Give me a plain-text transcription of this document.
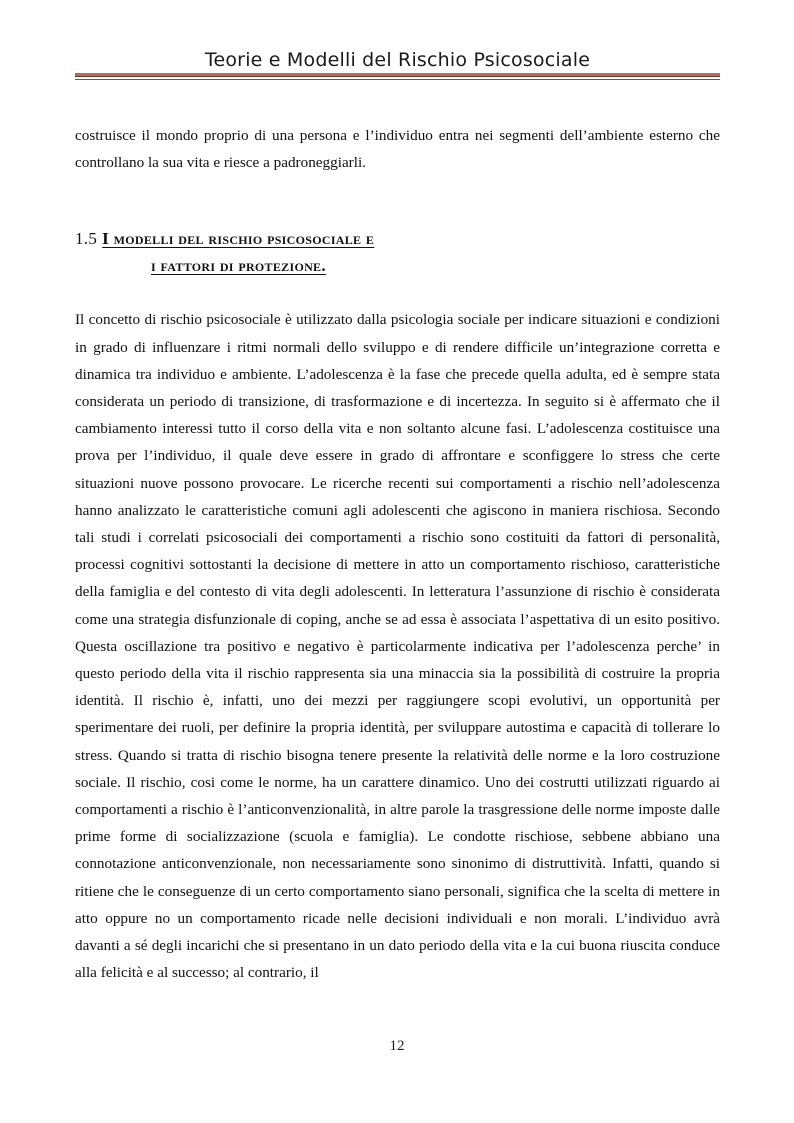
Teorie e Modelli del Rischio Psicosociale

costruisce il mondo proprio di una persona e l’individuo entra nei segmenti dell’ambiente esterno che controllano la sua vita e riesce a padroneggiarli.

1.5 I modelli del rischio psicosociale e
i fattori di protezione.

Il concetto di rischio psicosociale è utilizzato dalla psicologia sociale per indicare situazioni e condizioni in grado di influenzare i ritmi normali dello sviluppo e di rendere difficile un’integrazione corretta e dinamica tra individuo e ambiente. L’adolescenza è la fase che precede quella adulta, ed è sempre stata considerata un periodo di transizione, di trasformazione e di incertezza. In seguito si è affermato che il cambiamento interessi tutto il corso della vita e non soltanto alcune fasi. L’adolescenza costituisce una prova per l’individuo, il quale deve essere in grado di affrontare e sconfiggere lo stress che certe situazioni nuove possono provocare. Le ricerche recenti sui comportamenti a rischio nell’adolescenza hanno analizzato le caratteristiche comuni agli adolescenti che agiscono in maniera rischiosa. Secondo tali studi i correlati psicosociali dei comportamenti a rischio sono costituiti da fattori di personalità, processi cognitivi sottostanti la decisione di mettere in atto un comportamento rischioso, caratteristiche della famiglia e del contesto di vita degli adolescenti. In letteratura l’assunzione di rischio è considerata come una strategia disfunzionale di coping, anche se ad essa è associata l’aspettativa di un esito positivo. Questa oscillazione tra positivo e negativo è particolarmente indicativa per l’adolescenza perche’ in questo periodo della vita il rischio rappresenta sia una minaccia sia la possibilità di costruire la propria identità. Il rischio è, infatti, uno dei mezzi per raggiungere scopi evolutivi, un opportunità per sperimentare dei ruoli, per definire la propria identità, per sviluppare autostima e capacità di tollerare lo stress. Quando si tratta di rischio bisogna tenere presente la relatività delle norme e la loro costruzione sociale. Il rischio, cosi come le norme, ha un carattere dinamico. Uno dei costrutti utilizzati riguardo ai comportamenti a rischio è l’anticonvenzionalità, in altre parole la trasgressione delle norme imposte dalle prime forme di socializzazione (scuola e famiglia). Le condotte rischiose, sebbene abbiano una connotazione anticonvenzionale, non necessariamente sono sinonimo di distruttività. Infatti, quando si ritiene che le conseguenze di un certo comportamento siano personali, significa che la scelta di mettere in atto oppure no un comportamento ricade nelle decisioni individuali e non morali. L’individuo avrà davanti a sé degli incarichi che si presentano in un dato periodo della vita e la cui buona riuscita conduce alla felicità e al successo; al contrario, il

12
